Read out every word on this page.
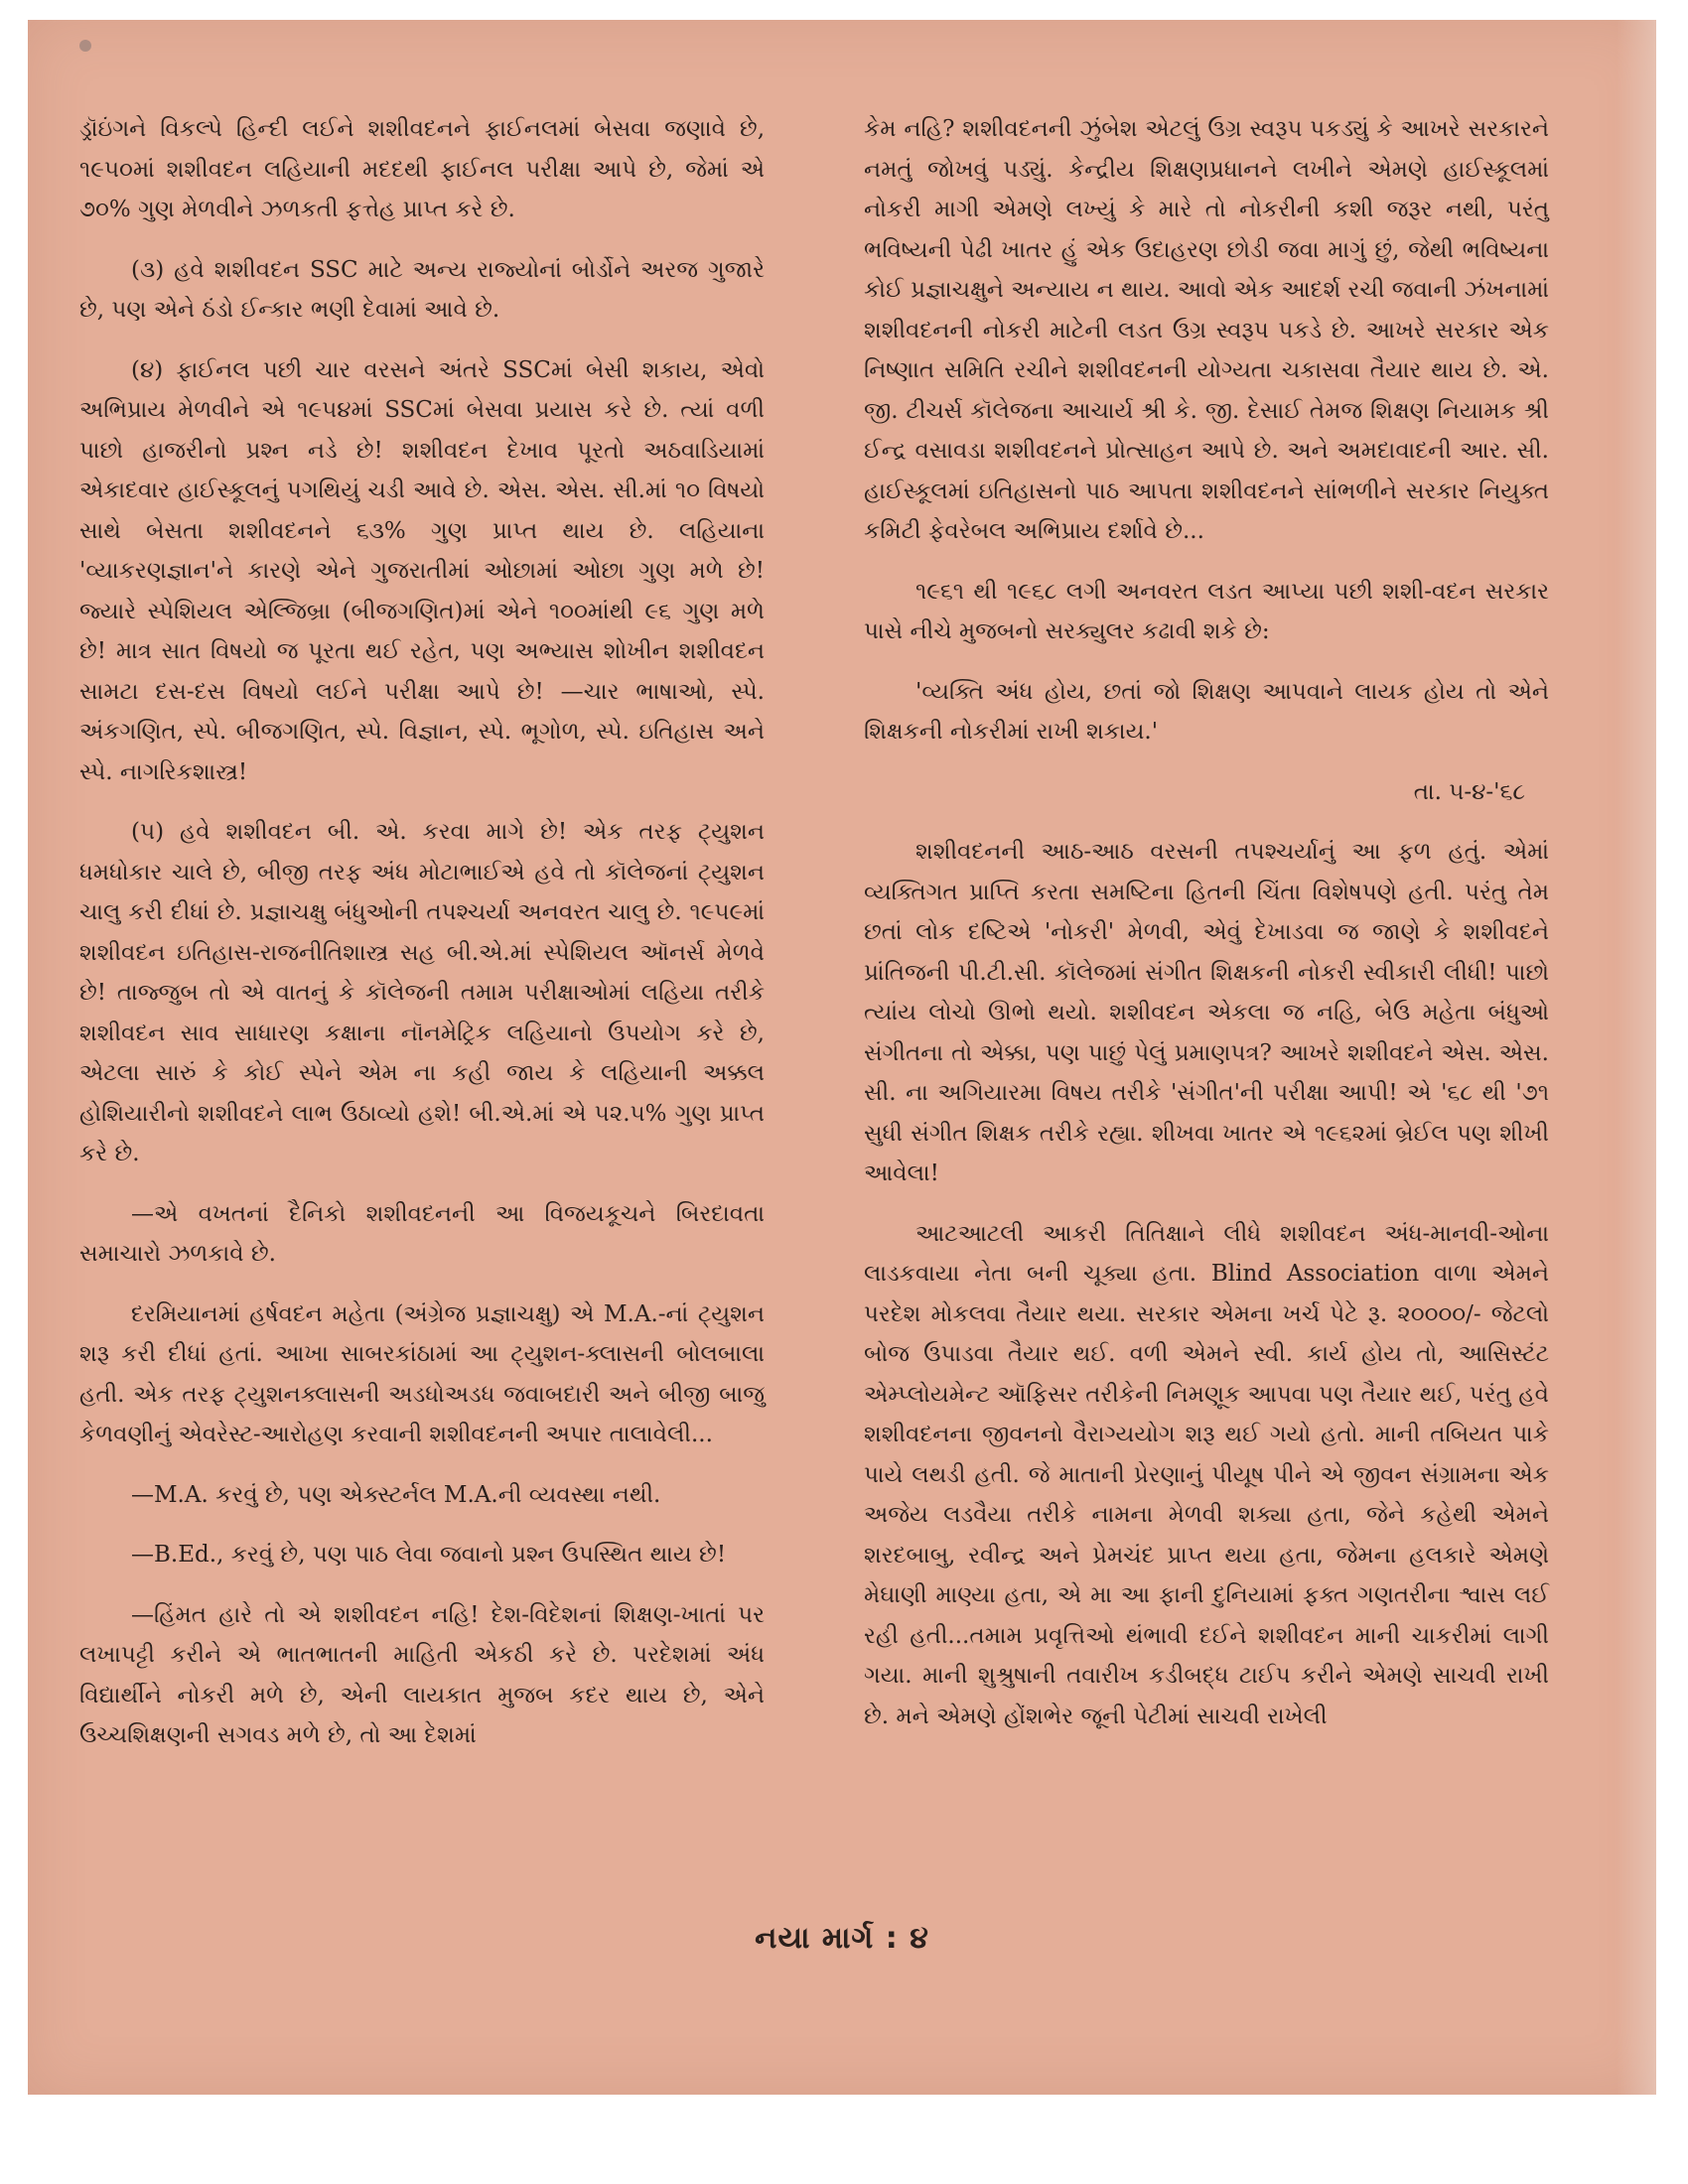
ડ્રૉઇંગને વિકલ્પે હિન્દી લઈને શશીવદનને ફાઈનલમાં બેસવા જણાવે છે, ૧૯૫૦માં શશીવદન લહિયાની મદદથી ફાઈનલ પરીક્ષા આપે છે, જેમાં એ ૭૦% ગુણ મેળવીને ઝળકતી ફત્તેહ પ્રાપ્ત કરે છે.

(૩) હવે શશીવદન SSC માટે અન્ય રાજ્યોનાં બોર્ડોને અરજ ગુજારે છે, પણ એને ઠંડો ઈન્કાર ભણી દેવામાં આવે છે.

(૪) ફાઈનલ પછી ચાર વરસને અંતરે SSCમાં બેસી શકાય, એવો અભિપ્રાય મેળવીને એ ૧૯૫૪માં SSCમાં બેસવા પ્રયાસ કરે છે. ત્યાં વળી પાછો હાજરીનો પ્રશ્ન નડે છે! શશીવદન દેખાવ પૂરતો અઠવાડિયામાં એકાદવાર હાઈસ્કૂલનું પગથિયું ચડી આવે છે. એસ. એસ. સી.માં ૧૦ વિષયો સાથે બેસતા શશીવદનને ૬૩% ગુણ પ્રાપ્ત થાય છે. લહિયાના 'વ્યાકરણજ્ઞાન'ને કારણે એને ગુજરાતીમાં ઓછામાં ઓછા ગુણ મળે છે! જ્યારે સ્પેશિયલ એલ્જિબ્રા (બીજગણિત)માં એને ૧૦૦માંથી ૯૬ ગુણ મળે છે! માત્ર સાત વિષયો જ પૂરતા થઈ રહેત, પણ અભ્યાસ શોખીન શશીવદન સામટા દસ-દસ વિષયો લઈને પરીક્ષા આપે છે! —ચાર ભાષાઓ, સ્પે. અંકગણિત, સ્પે. બીજગણિત, સ્પે. વિજ્ઞાન, સ્પે. ભૂગોળ, સ્પે. ઇતિહાસ અને સ્પે. નાગરિકશાસ્ત્ર!

(૫) હવે શશીવદન બી. એ. કરવા માગે છે! એક તરફ ટ્યુશન ધમધોકાર ચાલે છે, બીજી તરફ અંધ મોટાભાઈએ હવે તો કૉલેજનાં ટ્યુશન ચાલુ કરી દીધાં છે. પ્રજ્ઞાચક્ષુ બંધુઓની તપશ્ચર્યા અનવરત ચાલુ છે. ૧૯૫૯માં શશીવદન ઇતિહાસ-રાજનીતિશાસ્ત્ર સહ બી.એ.માં સ્પેશિયલ ઑનર્સ મેળવે છે! તાજ્જુબ તો એ વાતનું કે કૉલેજની તમામ પરીક્ષાઓમાં લહિયા તરીકે શશીવદન સાવ સાધારણ કક્ષાના નૉનમેટ્રિક લહિયાનો ઉપયોગ કરે છે, એટલા સારું કે કોઈ સ્પેને એમ ના કહી જાય કે લહિયાની અક્કલ હોશિયારીનો શશીવદને લાભ ઉઠાવ્યો હશે! બી.એ.માં એ ૫૨.૫% ગુણ પ્રાપ્ત કરે છે.

—એ વખતનાં દૈનિકો શશીવદનની આ વિજયકૂચને બિરદાવતા સમાચારો ઝળકાવે છે.

દરમિયાનમાં હર્ષવદન મહેતા (અંગ્રેજ પ્રજ્ઞાચક્ષુ) એ M.A.-નાં ટ્યુશન શરૂ કરી દીધાં હતાં. આખા સાબરકાંઠામાં આ ટ્યુશન-ક્લાસની બોલબાલા હતી. એક તરફ ટ્યુશનક્લાસની અડધોઅડધ જવાબદારી અને બીજી બાજુ કેળવણીનું એવરેસ્ટ-આરોહણ કરવાની શશીવદનની અપાર તાલાવેલી...

—M.A. કરવું છે, પણ એક્સ્ટર્નલ M.A.ની વ્યવસ્થા નથી.

—B.Ed., કરવું છે, પણ પાઠ લેવા જવાનો પ્રશ્ન ઉપસ્થિત થાય છે!

—હિંમત હારે તો એ શશીવદન નહિ! દેશ-વિદેશનાં શિક્ષણ-ખાતાં પર લખાપટ્ટી કરીને એ ભાતભાતની માહિતી એકઠી કરે છે. પરદેશમાં અંધ વિદ્યાર્થીને નોકરી મળે છે, એની લાયકાત મુજબ કદર થાય છે, એને ઉચ્ચશિક્ષણની સગવડ મળે છે, તો આ દેશમાં

કેમ નહિ? શશીવદનની ઝુંબેશ એટલું ઉગ્ર સ્વરૂપ પકડ્યું કે આખરે સરકારને નમતું જોખવું પડ્યું. કેન્દ્રીય શિક્ષણપ્રધાનને લખીને એમણે હાઈસ્કૂલમાં નોકરી માગી એમણે લખ્યું કે મારે તો નોકરીની કશી જરૂર નથી, પરંતુ ભવિષ્યની પેઢી ખાતર હું એક ઉદાહરણ છોડી જવા માગું છું, જેથી ભવિષ્યના કોઈ પ્રજ્ઞાચક્ષુને અન્યાય ન થાય. આવો એક આદર્શ રચી જવાની ઝંખનામાં શશીવદનની નોકરી માટેની લડત ઉગ્ર સ્વરૂપ પકડે છે. આખરે સરકાર એક નિષ્ણાત સમિતિ રચીને શશીવદનની યોગ્યતા ચકાસવા તૈયાર થાય છે. એ. જી. ટીચર્સ કૉલેજના આચાર્ય શ્રી કે. જી. દેસાઈ તેમજ શિક્ષણ નિયામક શ્રી ઈન્દ્ર વસાવડા શશીવદનને પ્રોત્સાહન આપે છે. અને અમદાવાદની આર. સી. હાઈસ્કૂલમાં ઇતિહાસનો પાઠ આપતા શશીવદનને સાંભળીને સરકાર નિયુક્ત કમિટી ફેવરેબલ અભિપ્રાય દર્શાવે છે...

૧૯૬૧ થી ૧૯૬૮ લગી અનવરત લડત આપ્યા પછી શશી-વદન સરકાર પાસે નીચે મુજબનો સરક્યુલર કઢાવી શકે છે:

'વ્યક્તિ અંધ હોય, છતાં જો શિક્ષણ આપવાને લાયક હોય તો એને શિક્ષકની નોકરીમાં રાખી શકાય.'

તા. ૫-૪-'૬૮

શશીવદનની આઠ-આઠ વરસની તપશ્ચર્યાનું આ ફળ હતું. એમાં વ્યક્તિગત પ્રાપ્તિ કરતા સમષ્ટિના હિતની ચિંતા વિશેષપણે હતી. પરંતુ તેમ છતાં લોક દષ્ટિએ 'નોકરી' મેળવી, એવું દેખાડવા જ જાણે કે શશીવદને પ્રાંતિજની પી.ટી.સી. કૉલેજમાં સંગીત શિક્ષકની નોકરી સ્વીકારી લીધી! પાછો ત્યાંય લોચો ઊભો થયો. શશીવદન એકલા જ નહિ, બેઉ મહેતા બંધુઓ સંગીતના તો એક્કા, પણ પાછું પેલું પ્રમાણપત્ર? આખરે શશીવદને એસ. એસ. સી. ના અગિયારમા વિષય તરીકે 'સંગીત'ની પરીક્ષા આપી! એ '૬૮ થી '૭૧ સુધી સંગીત શિક્ષક તરીકે રહ્યા. શીખવા ખાતર એ ૧૯૬૨માં બ્રેઈલ પણ શીખી આવેલા!

આટઆટલી આકરી તિતિક્ષાને લીધે શશીવદન અંધ-માનવી-ઓના લાડકવાયા નેતા બની ચૂક્યા હતા. Blind Association વાળા એમને પરદેશ મોકલવા તૈયાર થયા. સરકાર એમના ખર્ચ પેટે રૂ. ૨૦૦૦૦/- જેટલો બોજ ઉપાડવા તૈયાર થઈ. વળી એમને સ્વી. કાર્ય હોય તો, આસિસ્ટંટ એમ્પ્લોયમેન્ટ ઑફિસર તરીકેની નિમણૂક આપવા પણ તૈયાર થઈ, પરંતુ હવે શશીવદનના જીવનનો વૈરાગ્યયોગ શરૂ થઈ ગયો હતો. માની તબિયત પાકે પાયે લથડી હતી. જે માતાની પ્રેરણાનું પીયૂષ પીને એ જીવન સંગ્રામના એક અજેય લડવૈયા તરીકે નામના મેળવી શક્યા હતા, જેને કહેથી એમને શરદબાબુ, રવીન્દ્ર અને પ્રેમચંદ પ્રાપ્ત થયા હતા, જેમના હલકારે એમણે મેઘાણી માણ્યા હતા, એ મા આ ફાની દુનિયામાં ફક્ત ગણતરીના શ્વાસ લઈ રહી હતી...તમામ પ્રવૃત્તિઓ થંભાવી દઈને શશીવદન માની ચાકરીમાં લાગી ગયા. માની શુશ્રુષાની તવારીખ કડીબદ્ધ ટાઈપ કરીને એમણે સાચવી રાખી છે. મને એમણે હોંશભેર જૂની પેટીમાં સાચવી રાખેલી

નયા માર્ગ : ૪
